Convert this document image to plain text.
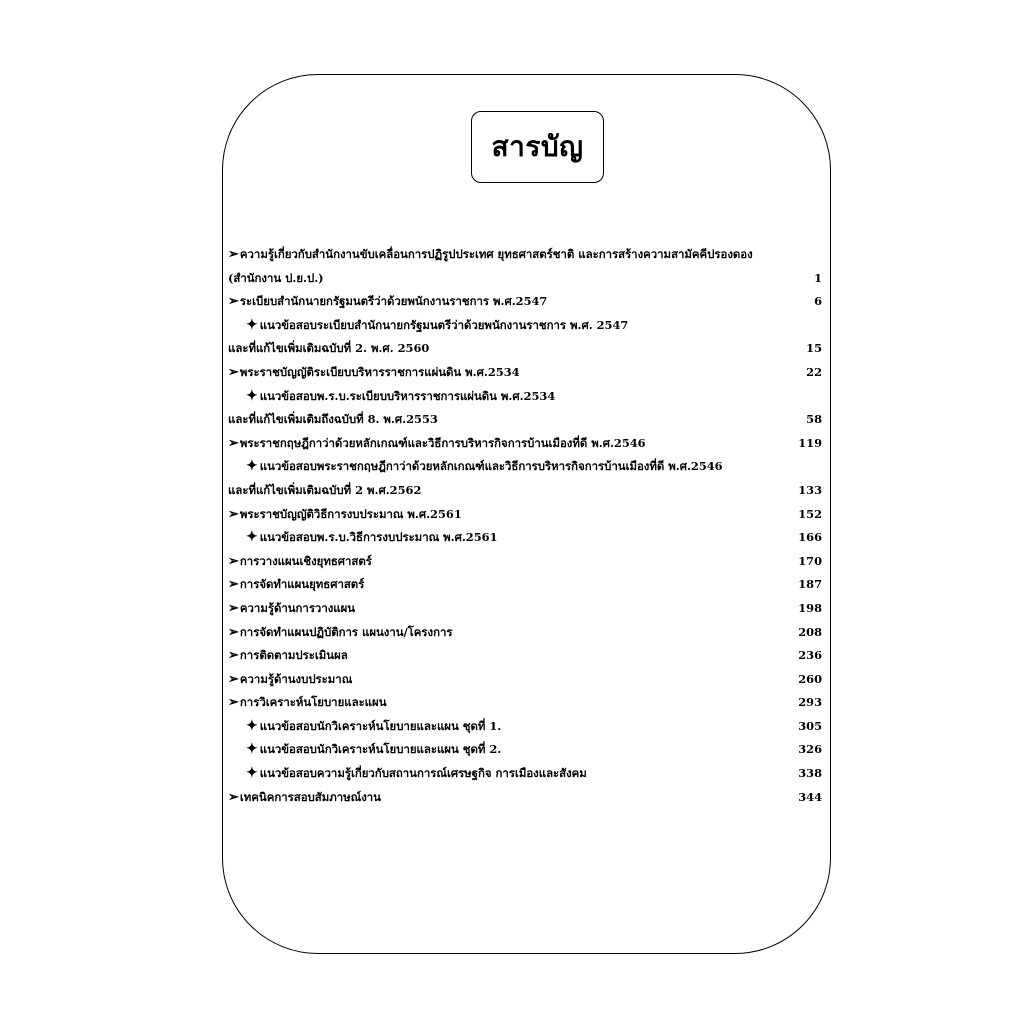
สารบัญ
➢ความรู้เกี่ยวกับสำนักงานขับเคลื่อนการปฏิรูปประเทศ ยุทธศาสตร์ชาติ และการสร้างความสามัคคีปรองดอง
(สำนักงาน ป.ย.ป.)	1
➢ระเบียบสำนักนายกรัฐมนตรีว่าด้วยพนักงานราชการ พ.ศ.2547	6
✦ แนวข้อสอบระเบียบสำนักนายกรัฐมนตรีว่าด้วยพนักงานราชการ พ.ศ. 2547
และที่แก้ไขเพิ่มเติมฉบับที่ 2. พ.ศ. 2560	15
➢พระราชบัญญัติระเบียบบริหารราชการแผ่นดิน พ.ศ.2534	22
✦ แนวข้อสอบพ.ร.บ.ระเบียบบริหารราชการแผ่นดิน พ.ศ.2534
และที่แก้ไขเพิ่มเติมถึงฉบับที่ 8. พ.ศ.2553	58
➢พระราชกฤษฎีกาว่าด้วยหลักเกณฑ์และวิธีการบริหารกิจการบ้านเมืองที่ดี พ.ศ.2546	119
✦ แนวข้อสอบพระราชกฤษฎีกาว่าด้วยหลักเกณฑ์และวิธีการบริหารกิจการบ้านเมืองที่ดี พ.ศ.2546
และที่แก้ไขเพิ่มเติมฉบับที่ 2 พ.ศ.2562	133
➢พระราชบัญญัติวิธีการงบประมาณ พ.ศ.2561	152
✦ แนวข้อสอบพ.ร.บ.วิธีการงบประมาณ พ.ศ.2561	166
➢การวางแผนเชิงยุทธศาสตร์	170
➢การจัดทำแผนยุทธศาสตร์	187
➢ความรู้ด้านการวางแผน	198
➢การจัดทำแผนปฏิบัติการ แผนงาน/โครงการ	208
➢การติดตามประเมินผล	236
➢ความรู้ด้านงบประมาณ	260
➢การวิเคราะห์นโยบายและแผน	293
✦ แนวข้อสอบนักวิเคราะห์นโยบายและแผน ชุดที่ 1.	305
✦ แนวข้อสอบนักวิเคราะห์นโยบายและแผน ชุดที่ 2.	326
✦ แนวข้อสอบความรู้เกี่ยวกับสถานการณ์เศรษฐกิจ การเมืองและสังคม	338
➢เทคนิคการสอบสัมภาษณ์งาน	344
